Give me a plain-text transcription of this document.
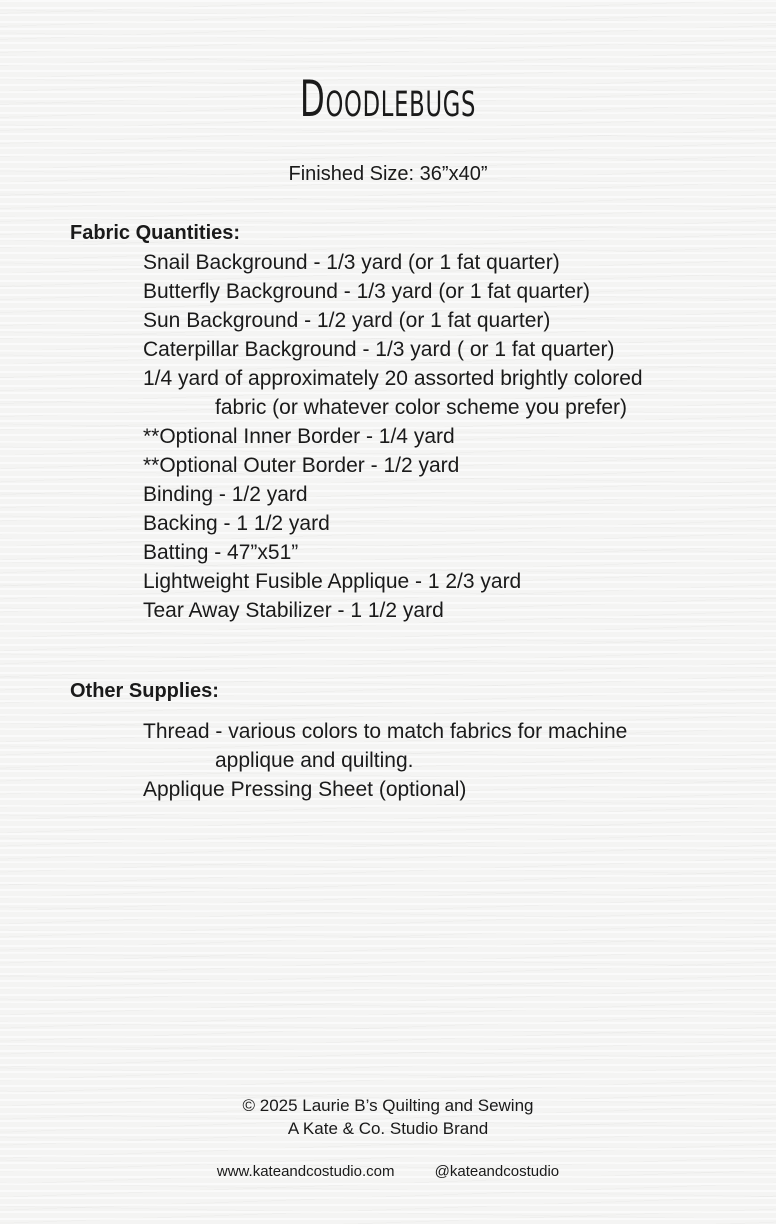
Doodlebugs
Finished Size: 36”x40”
Fabric Quantities:
Snail Background - 1/3 yard (or 1 fat quarter)
Butterfly Background - 1/3 yard (or 1 fat quarter)
Sun Background - 1/2 yard (or 1 fat quarter)
Caterpillar Background - 1/3 yard ( or 1 fat quarter)
1/4 yard of approximately 20 assorted brightly colored
fabric (or whatever color scheme you prefer)
**Optional Inner Border - 1/4 yard
**Optional Outer Border - 1/2 yard
Binding - 1/2 yard
Backing - 1 1/2 yard
Batting - 47”x51”
Lightweight Fusible Applique - 1 2/3 yard
Tear Away Stabilizer - 1 1/2 yard
Other Supplies:
Thread - various colors to match fabrics for machine
applique and quilting.
Applique Pressing Sheet (optional)
© 2025 Laurie B’s Quilting and Sewing
A Kate & Co. Studio Brand
www.kateandcostudio.com	@kateandcostudio
